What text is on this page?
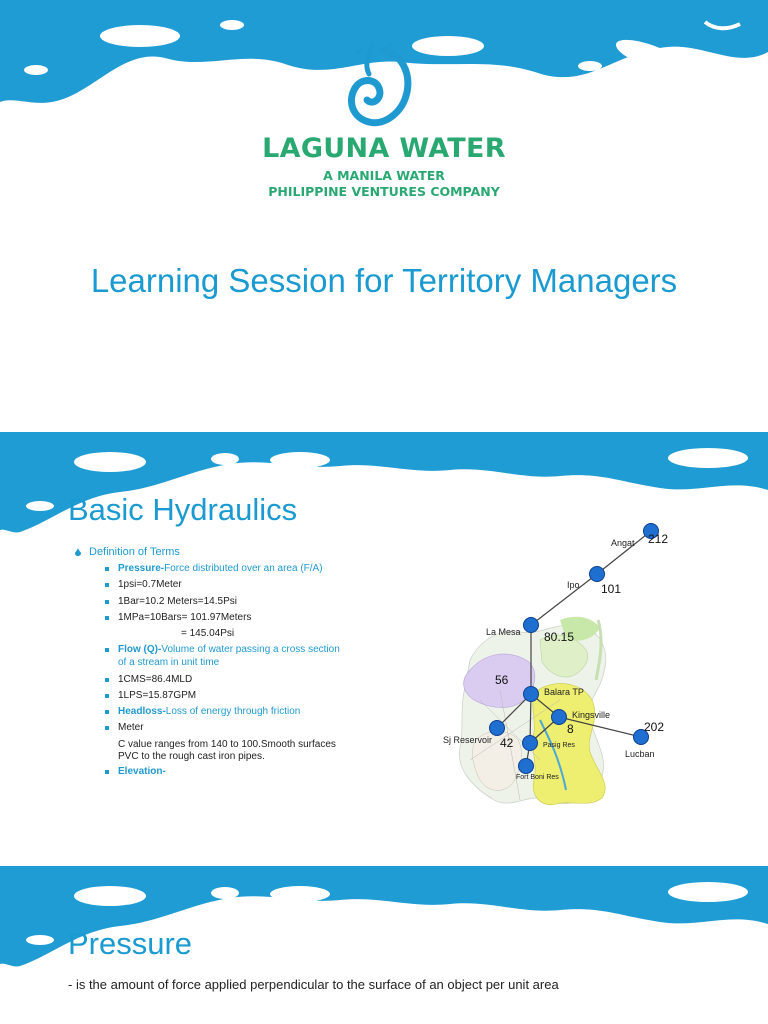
LAGUNA WATER
A MANILA WATER
PHILIPPINE VENTURES COMPANY
Learning Session for Territory Managers
Basic Hydraulics
Definition of Terms
Pressure-Force distributed over an area (F/A)
1psi=0.7Meter
1Bar=10.2 Meters=14.5Psi
1MPa=10Bars= 101.97Meters
= 145.04Psi
Flow (Q)-Volume of water passing a cross section
of a stream in unit time
1CMS=86.4MLD
1LPS=15.87GPM
Headloss-Loss of energy through friction
Meter
C value ranges from 140 to 100.Smooth surfaces
PVC to the rough cast iron pipes.
Elevation-
Angat 212
Ipo 101
La Mesa 80.15
Balara TP
56
Kingsville
8
Lucban
202
Sj Reservoir 42	Pasig Res
Fort Boni Res
Pressure
- is the amount of force applied perpendicular to the surface of an object per unit area
